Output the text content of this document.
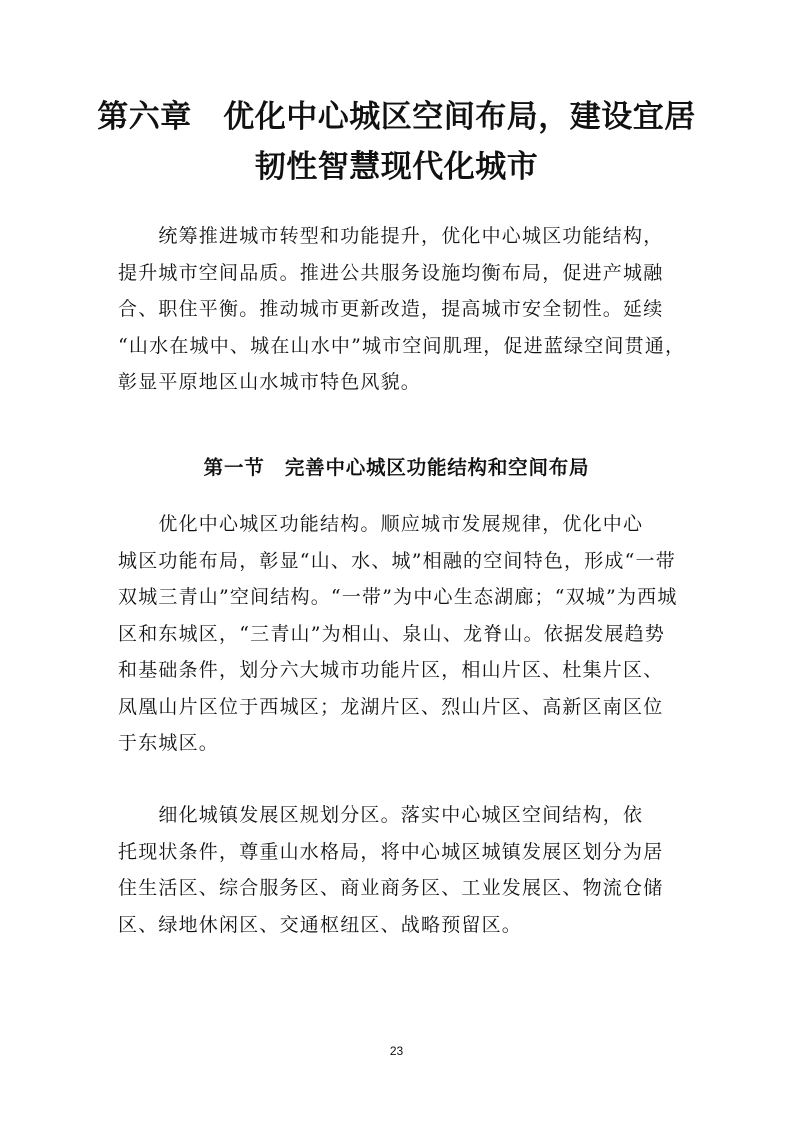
第六章　优化中心城区空间布局，建设宜居
韧性智慧现代化城市

　　统筹推进城市转型和功能提升，优化中心城区功能结构，
提升城市空间品质。推进公共服务设施均衡布局，促进产城融
合、职住平衡。推动城市更新改造，提高城市安全韧性。延续
“山水在城中、城在山水中”城市空间肌理，促进蓝绿空间贯通，
彰显平原地区山水城市特色风貌。

第一节　完善中心城区功能结构和空间布局

　　优化中心城区功能结构。顺应城市发展规律，优化中心
城区功能布局，彰显“山、水、城”相融的空间特色，形成“一带
双城三青山”空间结构。“一带”为中心生态湖廊；“双城”为西城
区和东城区，“三青山”为相山、泉山、龙脊山。依据发展趋势
和基础条件，划分六大城市功能片区，相山片区、杜集片区、
凤凰山片区位于西城区；龙湖片区、烈山片区、高新区南区位
于东城区。

　　细化城镇发展区规划分区。落实中心城区空间结构，依
托现状条件，尊重山水格局，将中心城区城镇发展区划分为居
住生活区、综合服务区、商业商务区、工业发展区、物流仓储
区、绿地休闲区、交通枢纽区、战略预留区。

23
